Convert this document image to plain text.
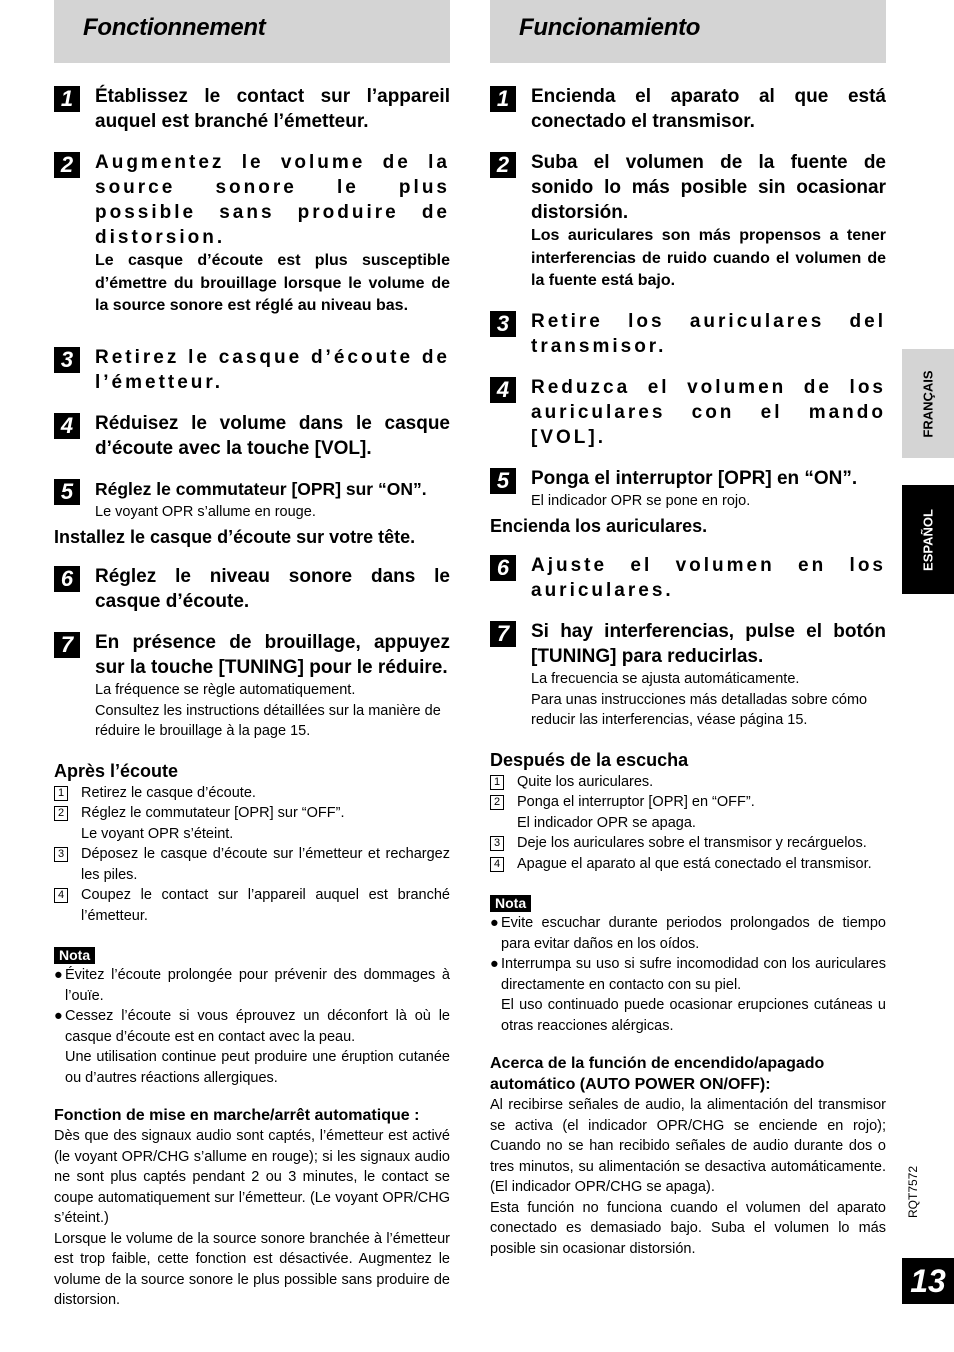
Fonctionnement
1	Établissez le contact sur l’appareil auquel est branché l’émetteur.
2	Augmentez le volume de la source sonore le plus possible sans produire de distorsion.
Le casque d’écoute est plus susceptible d’émettre du brouillage lorsque le volume de la source sonore est réglé au niveau bas.
3	Retirez le casque d’écoute de l’émetteur.
4	Réduisez le volume dans le casque d’écoute avec la touche [VOL].
5	Réglez le commutateur [OPR] sur “ON”.
Le voyant OPR s’allume en rouge.
Installez le casque d’écoute sur votre tête.
6	Réglez le niveau sonore dans le casque d’écoute.
7	En présence de brouillage, appuyez sur la touche [TUNING] pour le réduire.
La fréquence se règle automatiquement.
Consultez les instructions détaillées sur la manière de réduire le brouillage à la page 15.
Après l’écoute
1 Retirez le casque d’écoute.
2 Réglez le commutateur [OPR] sur “OFF”.
Le voyant OPR s’éteint.
3 Déposez le casque d’écoute sur l’émetteur et rechargez les piles.
4 Coupez le contact sur l’appareil auquel est branché l’émetteur.
Nota
● Évitez l’écoute prolongée pour prévenir des dommages à l’ouïe.
● Cessez l’écoute si vous éprouvez un déconfort là où le casque d’écoute est en contact avec la peau.
Une utilisation continue peut produire une éruption cutanée ou d’autres réactions allergiques.
Fonction de mise en marche/arrêt automatique :
Dès que des signaux audio sont captés, l’émetteur est activé (le voyant OPR/CHG s’allume en rouge); si les signaux audio ne sont plus captés pendant 2 ou 3 minutes, le contact se coupe automatiquement sur l’émetteur. (Le voyant OPR/CHG s’éteint.)
Lorsque le volume de la source sonore branchée à l’émetteur est trop faible, cette fonction est désactivée. Augmentez le volume de la source sonore le plus possible sans produire de distorsion.
Funcionamiento
1	Encienda el aparato al que está conectado el transmisor.
2	Suba el volumen de la fuente de sonido lo más posible sin ocasionar distorsión.
Los auriculares son más propensos a tener interferencias de ruido cuando el volumen de la fuente está bajo.
3	Retire los auriculares del transmisor.
4	Reduzca el volumen de los auriculares con el mando [VOL].
5	Ponga el interruptor [OPR] en “ON”.
El indicador OPR se pone en rojo.
Encienda los auriculares.
6	Ajuste el volumen en los auriculares.
7	Si hay interferencias, pulse el botón [TUNING] para reducirlas.
La frecuencia se ajusta automáticamente.
Para unas instrucciones más detalladas sobre cómo reducir las interferencias, véase página 15.
Después de la escucha
1 Quite los auriculares.
2 Ponga el interruptor [OPR] en “OFF”.
El indicador OPR se apaga.
3 Deje los auriculares sobre el transmisor y recárguelos.
4 Apague el aparato al que está conectado el transmisor.
Nota
● Evite escuchar durante periodos prolongados de tiempo para evitar daños en los oídos.
● Interrumpa su uso si sufre incomodidad con los auriculares directamente en contacto con su piel.
El uso continuado puede ocasionar erupciones cutáneas u otras reacciones alérgicas.
Acerca de la función de encendido/apagado automático (AUTO POWER ON/OFF):
Al recibirse señales de audio, la alimentación del transmisor se activa (el indicador OPR/CHG se enciende en rojo); Cuando no se han recibido señales de audio durante dos o tres minutos, su alimentación se desactiva automáticamente. (El indicador OPR/CHG se apaga).
Esta función no funciona cuando el volumen del aparato conectado es demasiado bajo. Suba el volumen lo más posible sin ocasionar distorsión.
FRANÇAIS
ESPAÑOL
RQT7572
13
